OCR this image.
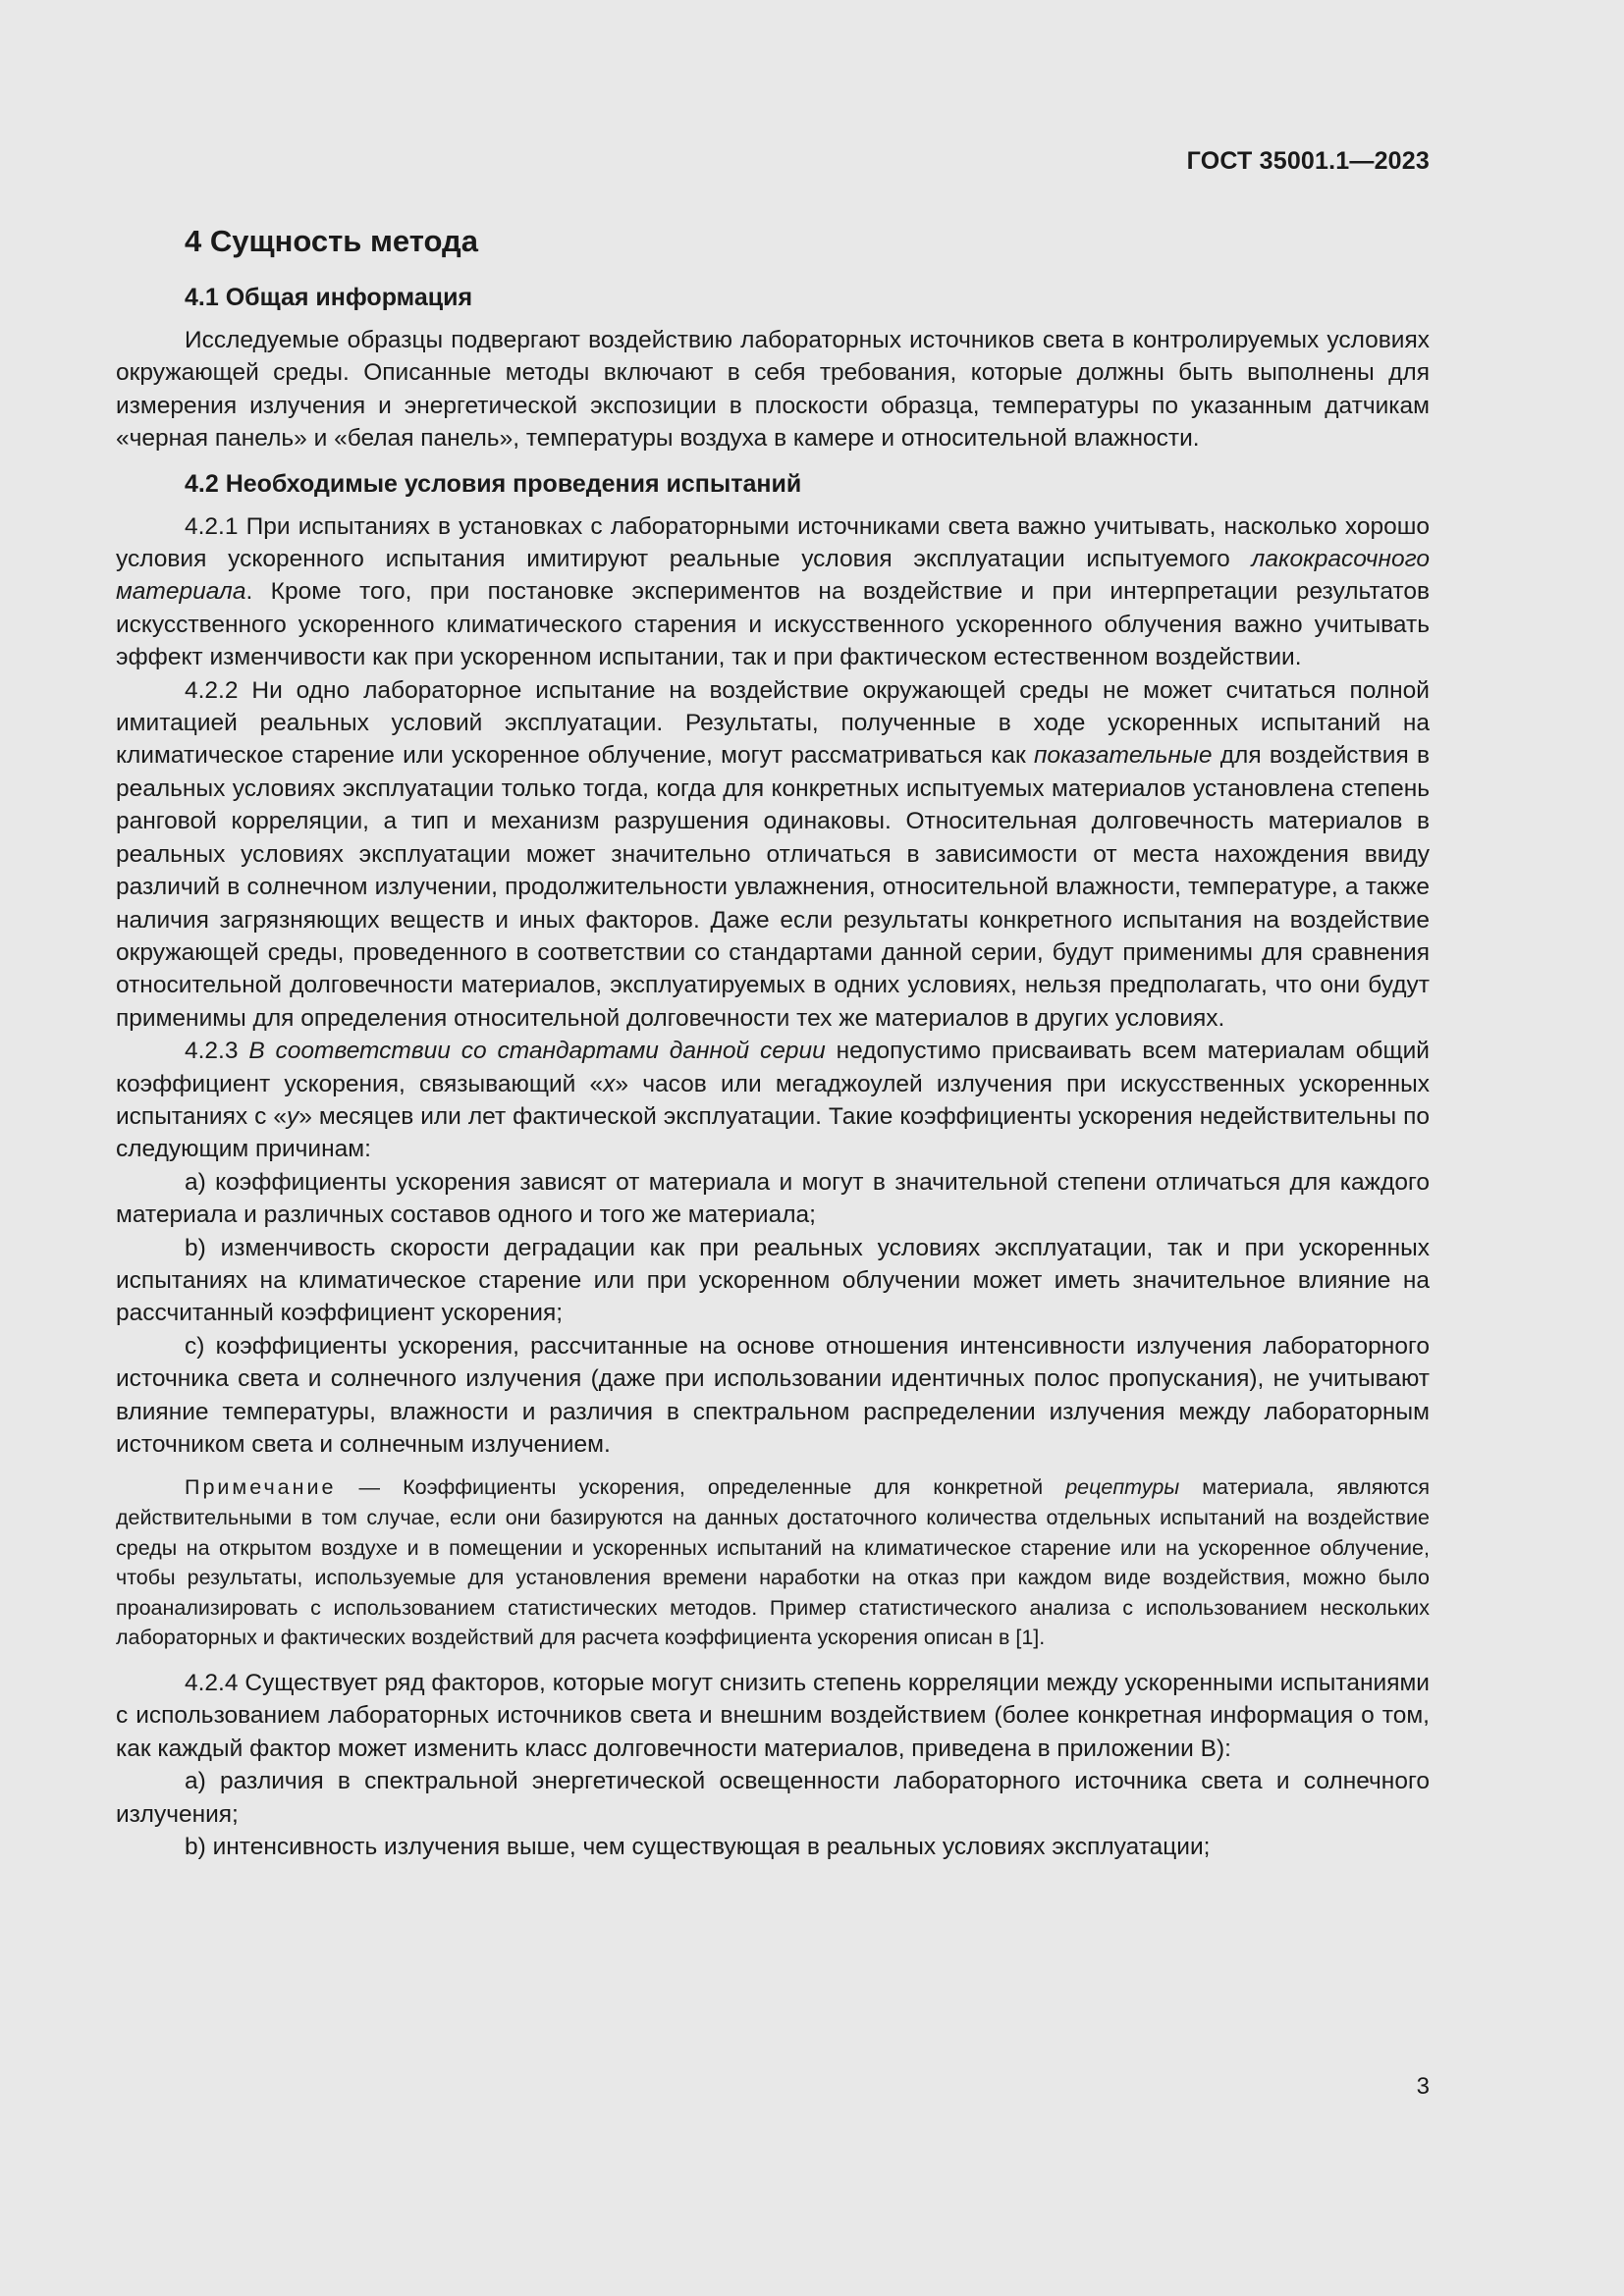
ГОСТ 35001.1—2023
4 Сущность метода
4.1 Общая информация

Исследуемые образцы подвергают воздействию лабораторных источников света в контролируемых условиях окружающей среды. Описанные методы включают в себя требования, которые должны быть выполнены для измерения излучения и энергетической экспозиции в плоскости образца, температуры по указанным датчикам «черная панель» и «белая панель», температуры воздуха в камере и относительной влажности.

4.2 Необходимые условия проведения испытаний

4.2.1 При испытаниях в установках с лабораторными источниками света важно учитывать, насколько хорошо условия ускоренного испытания имитируют реальные условия эксплуатации испытуемого лакокрасочного материала. Кроме того, при постановке экспериментов на воздействие и при интерпретации результатов искусственного ускоренного климатического старения и искусственного ускоренного облучения важно учитывать эффект изменчивости как при ускоренном испытании, так и при фактическом естественном воздействии.

4.2.2 Ни одно лабораторное испытание на воздействие окружающей среды не может считаться полной имитацией реальных условий эксплуатации. Результаты, полученные в ходе ускоренных испытаний на климатическое старение или ускоренное облучение, могут рассматриваться как показательные для воздействия в реальных условиях эксплуатации только тогда, когда для конкретных испытуемых материалов установлена степень ранговой корреляции, а тип и механизм разрушения одинаковы. Относительная долговечность материалов в реальных условиях эксплуатации может значительно отличаться в зависимости от места нахождения ввиду различий в солнечном излучении, продолжительности увлажнения, относительной влажности, температуре, а также наличия загрязняющих веществ и иных факторов. Даже если результаты конкретного испытания на воздействие окружающей среды, проведенного в соответствии со стандартами данной серии, будут применимы для сравнения относительной долговечности материалов, эксплуатируемых в одних условиях, нельзя предполагать, что они будут применимы для определения относительной долговечности тех же материалов в других условиях.

4.2.3 В соответствии со стандартами данной серии недопустимо присваивать всем материалам общий коэффициент ускорения, связывающий «x» часов или мегаджоулей излучения при искусственных ускоренных испытаниях с «y» месяцев или лет фактической эксплуатации. Такие коэффициенты ускорения недействительны по следующим причинам:

a) коэффициенты ускорения зависят от материала и могут в значительной степени отличаться для каждого материала и различных составов одного и того же материала;

b) изменчивость скорости деградации как при реальных условиях эксплуатации, так и при ускоренных испытаниях на климатическое старение или при ускоренном облучении может иметь значительное влияние на рассчитанный коэффициент ускорения;

c) коэффициенты ускорения, рассчитанные на основе отношения интенсивности излучения лабораторного источника света и солнечного излучения (даже при использовании идентичных полос пропускания), не учитывают влияние температуры, влажности и различия в спектральном распределении излучения между лабораторным источником света и солнечным излучением.

Примечание — Коэффициенты ускорения, определенные для конкретной рецептуры материала, являются действительными в том случае, если они базируются на данных достаточного количества отдельных испытаний на воздействие среды на открытом воздухе и в помещении и ускоренных испытаний на климатическое старение или на ускоренное облучение, чтобы результаты, используемые для установления времени наработки на отказ при каждом виде воздействия, можно было проанализировать с использованием статистических методов. Пример статистического анализа с использованием нескольких лабораторных и фактических воздействий для расчета коэффициента ускорения описан в [1].

4.2.4 Существует ряд факторов, которые могут снизить степень корреляции между ускоренными испытаниями с использованием лабораторных источников света и внешним воздействием (более конкретная информация о том, как каждый фактор может изменить класс долговечности материалов, приведена в приложении В):

a) различия в спектральной энергетической освещенности лабораторного источника света и солнечного излучения;

b) интенсивность излучения выше, чем существующая в реальных условиях эксплуатации;

3
